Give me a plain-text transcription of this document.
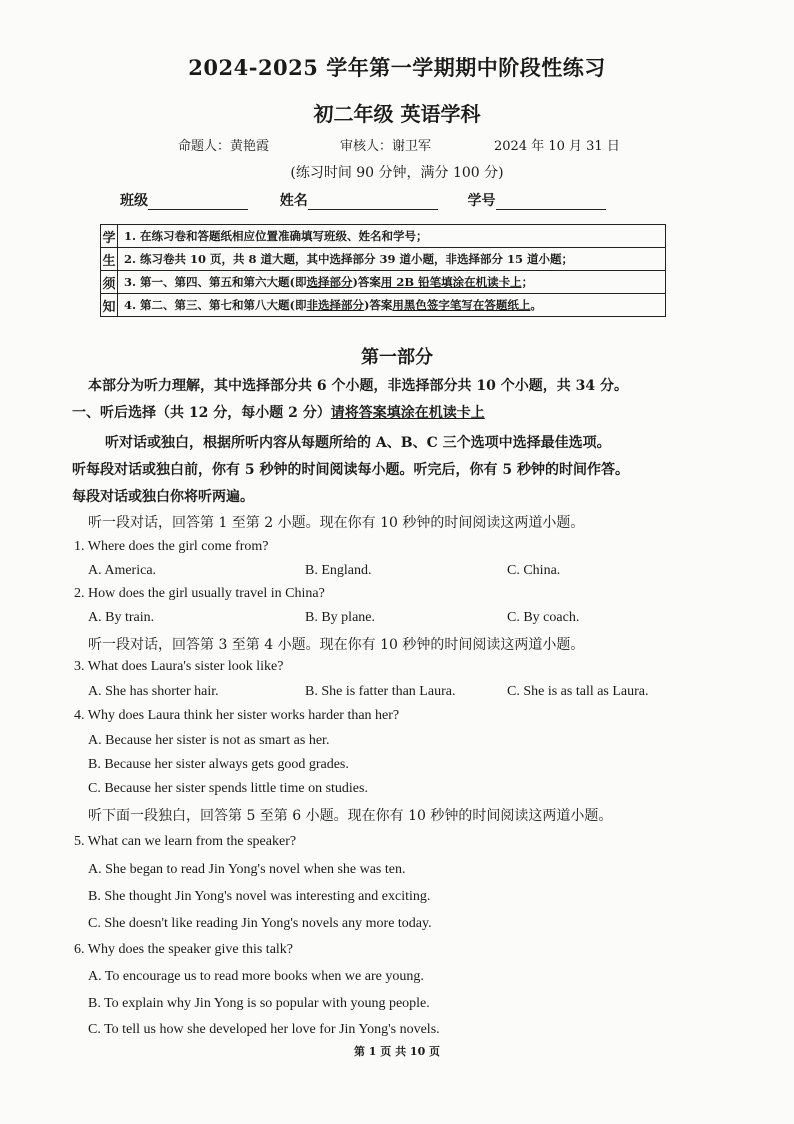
2024-2025 学年第一学期期中阶段性练习
初二年级 英语学科
命题人：黄艳霞	审核人：谢卫军	2024 年 10 月 31 日
(练习时间 90 分钟，满分 100 分)
班级	姓名	学号
学	1. 在练习卷和答题纸相应位置准确填写班级、姓名和学号；
生	2. 练习卷共 10 页，共 8 道大题，其中选择部分 39 道小题，非选择部分 15 道小题；
须	3. 第一、第四、第五和第六大题(即选择部分)答案用 2B 铅笔填涂在机读卡上；
知	4. 第二、第三、第七和第八大题(即非选择部分)答案用黑色签字笔写在答题纸上。
第一部分
本部分为听力理解，其中选择部分共 6 个小题，非选择部分共 10 个小题，共 34 分。
一、听后选择（共 12 分，每小题 2 分）请将答案填涂在机读卡上
听对话或独白，根据所听内容从每题所给的 A、B、C 三个选项中选择最佳选项。
听每段对话或独白前，你有 5 秒钟的时间阅读每小题。听完后，你有 5 秒钟的时间作答。
每段对话或独白你将听两遍。
听一段对话，回答第 1 至第 2 小题。现在你有 10 秒钟的时间阅读这两道小题。
1. Where does the girl come from?
A. America.	B. England.	C. China.
2. How does the girl usually travel in China?
A. By train.	B. By plane.	C. By coach.
听一段对话，回答第 3 至第 4 小题。现在你有 10 秒钟的时间阅读这两道小题。
3. What does Laura's sister look like?
A. She has shorter hair.	B. She is fatter than Laura.	C. She is as tall as Laura.
4. Why does Laura think her sister works harder than her?
A. Because her sister is not as smart as her.
B. Because her sister always gets good grades.
C. Because her sister spends little time on studies.
听下面一段独白，回答第 5 至第 6 小题。现在你有 10 秒钟的时间阅读这两道小题。
5. What can we learn from the speaker?
A. She began to read Jin Yong's novel when she was ten.
B. She thought Jin Yong's novel was interesting and exciting.
C. She doesn't like reading Jin Yong's novels any more today.
6. Why does the speaker give this talk?
A. To encourage us to read more books when we are young.
B. To explain why Jin Yong is so popular with young people.
C. To tell us how she developed her love for Jin Yong's novels.
第 1 页 共 10 页
